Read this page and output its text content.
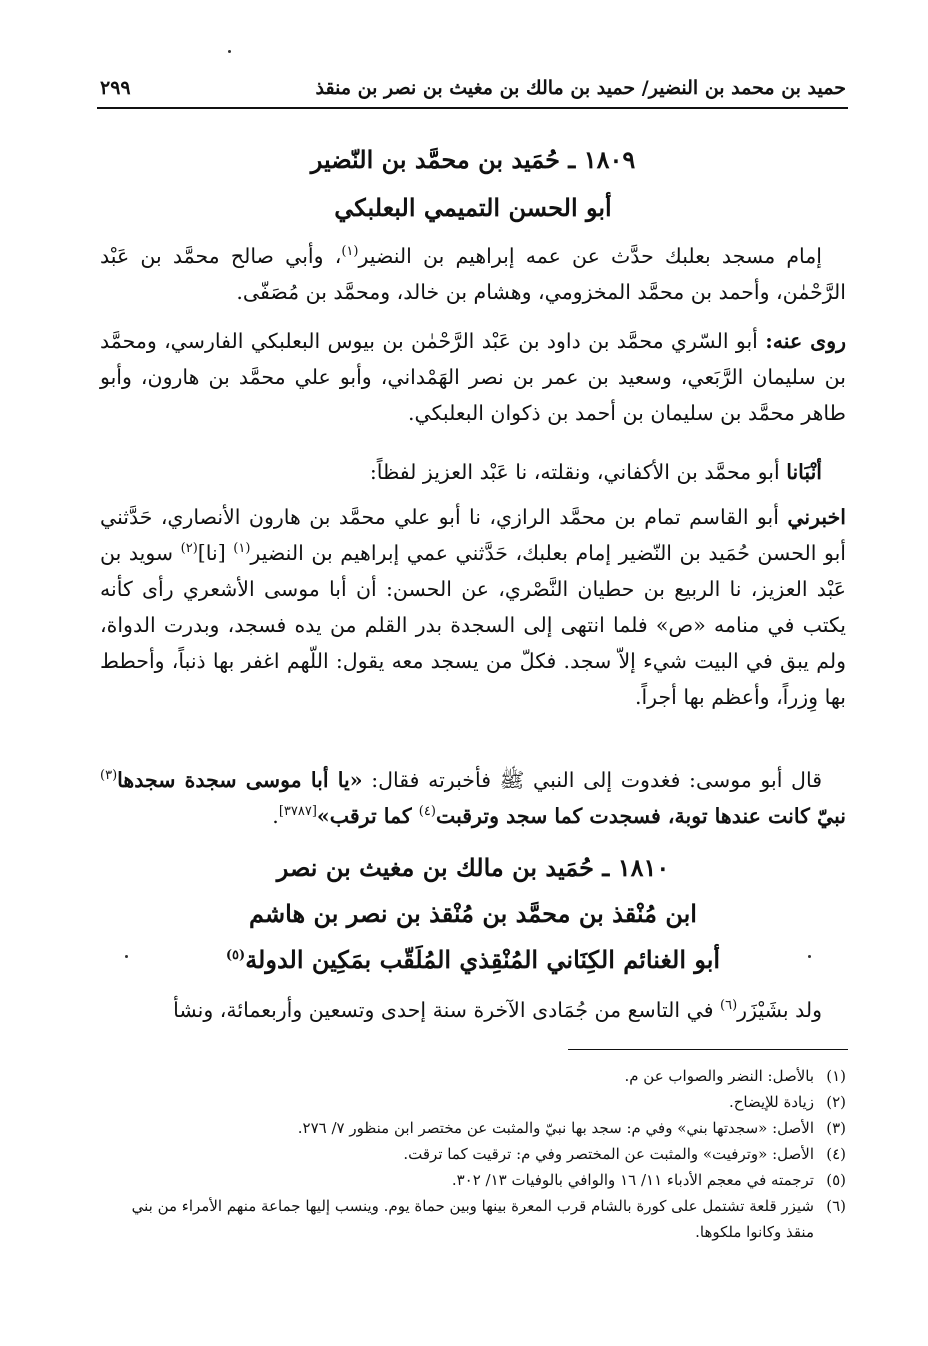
حميد بن محمد بن النضير/ حميد بن مالك بن مغيث بن نصر بن منقذ
٢٩٩
١٨٠٩ ـ حُمَيد بن محمَّد بن النّضير
أبو الحسن التميمي البعلبكي
إمام مسجد بعلبك حدَّث عن عمه إبراهيم بن النضير$^{(١)}$، وأبي صالح محمَّد بن عَبْد الرَّحْمٰن، وأحمد بن محمَّد المخزومي، وهشام بن خالد، ومحمَّد بن مُصَفّى.
روى عنه: أبو السّري محمَّد بن داود بن عَبْد الرَّحْمٰن بن بيوس البعلبكي الفارسي، ومحمَّد بن سليمان الرَّبَعي، وسعيد بن عمر بن نصر الهَمْداني، وأبو علي محمَّد بن هارون، وأبو طاهر محمَّد بن سليمان بن أحمد بن ذكوان البعلبكي.
أنْبَانا أبو محمَّد بن الأكفاني، ونقلته، نا عَبْد العزيز لفظاً:
اخبرني أبو القاسم تمام بن محمَّد الرازي، نا أبو علي محمَّد بن هارون الأنصاري، حَدَّثني أبو الحسن حُمَيد بن النّضير إمام بعلبك، حَدَّثني عمي إبراهيم بن النضير$^{(١)}$ [نا]$^{(٢)}$ سويد بن عَبْد العزيز، نا الربيع بن حطيان النَّصْري، عن الحسن: أن أبا موسى الأشعري رأى كأنه يكتب في منامه «ص» فلما انتهى إلى السجدة بدر القلم من يده فسجد، وبدرت الدواة، ولم يبق في البيت شيء إلاّ سجد. فكلّ من يسجد معه يقول: اللّهم اغفر بها ذنباً، وأحطط بها وِزراً، وأعظم بها أجراً.
قال أبو موسى: فغدوت إلى النبي ﷺ فأخبرته فقال: «يا أبا موسى سجدة سجدها$^{(٣)}$ نبيّ كانت عندها توبة، فسجدت كما سجد وترقبت$^{(٤)}$ كما ترقب»[٣٧٨٧].
١٨١٠ ـ حُمَيد بن مالك بن مغيث بن نصر
ابن مُنْقذ بن محمَّد بن مُنْقذ بن نصر بن هاشم
أبو الغنائم الكِنَاني المُنْقِذي المُلَقّب بمَكِين الدولة$^{(٥)}$
ولد بشَيْزَر$^{(٦)}$ في التاسع من جُمَادى الآخرة سنة إحدى وتسعين وأربعمائة، ونشأ
(١)
بالأصل: النضر والصواب عن م.
(٢)
زيادة للإيضاح.
(٣)
الأصل: «سجدتها بني» وفي م: سجد بها نبيّ والمثبت عن مختصر ابن منظور ٧/ ٢٧٦.
(٤)
الأصل: «وترفيت» والمثبت عن المختصر وفي م: ترقيت كما ترقت.
(٥)
ترجمته في معجم الأدباء ١١/ ١٦ والوافي بالوفيات ١٣/ ٣٠٢.
(٦)
شيزر قلعة تشتمل على كورة بالشام قرب المعرة بينها وبين حماة يوم. وينسب إليها جماعة منهم الأمراء من بني منقذ وكانوا ملكوها.
